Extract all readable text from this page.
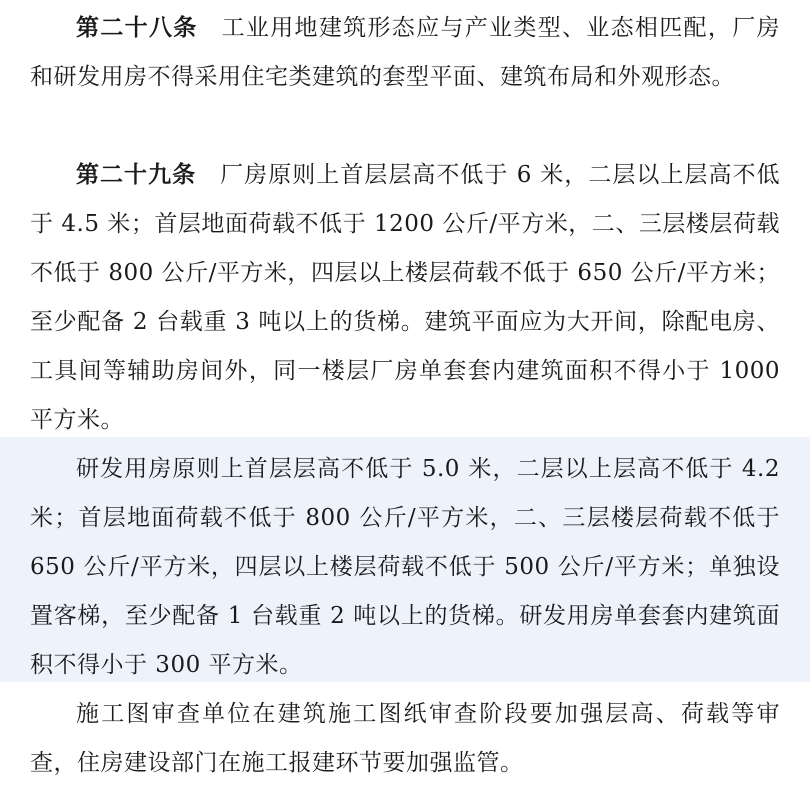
第二十八条 工业用地建筑形态应与产业类型、业态相匹配，厂房和研发用房不得采用住宅类建筑的套型平面、建筑布局和外观形态。

第二十九条 厂房原则上首层层高不低于 6 米，二层以上层高不低于 4.5 米；首层地面荷载不低于 1200 公斤/平方米，二、三层楼层荷载不低于 800 公斤/平方米，四层以上楼层荷载不低于 650 公斤/平方米；至少配备 2 台载重 3 吨以上的货梯。建筑平面应为大开间，除配电房、工具间等辅助房间外，同一楼层厂房单套套内建筑面积不得小于 1000 平方米。

研发用房原则上首层层高不低于 5.0 米，二层以上层高不低于 4.2 米；首层地面荷载不低于 800 公斤/平方米，二、三层楼层荷载不低于 650 公斤/平方米，四层以上楼层荷载不低于 500 公斤/平方米；单独设置客梯，至少配备 1 台载重 2 吨以上的货梯。研发用房单套套内建筑面积不得小于 300 平方米。

施工图审查单位在建筑施工图纸审查阶段要加强层高、荷载等审查，住房建设部门在施工报建环节要加强监管。
